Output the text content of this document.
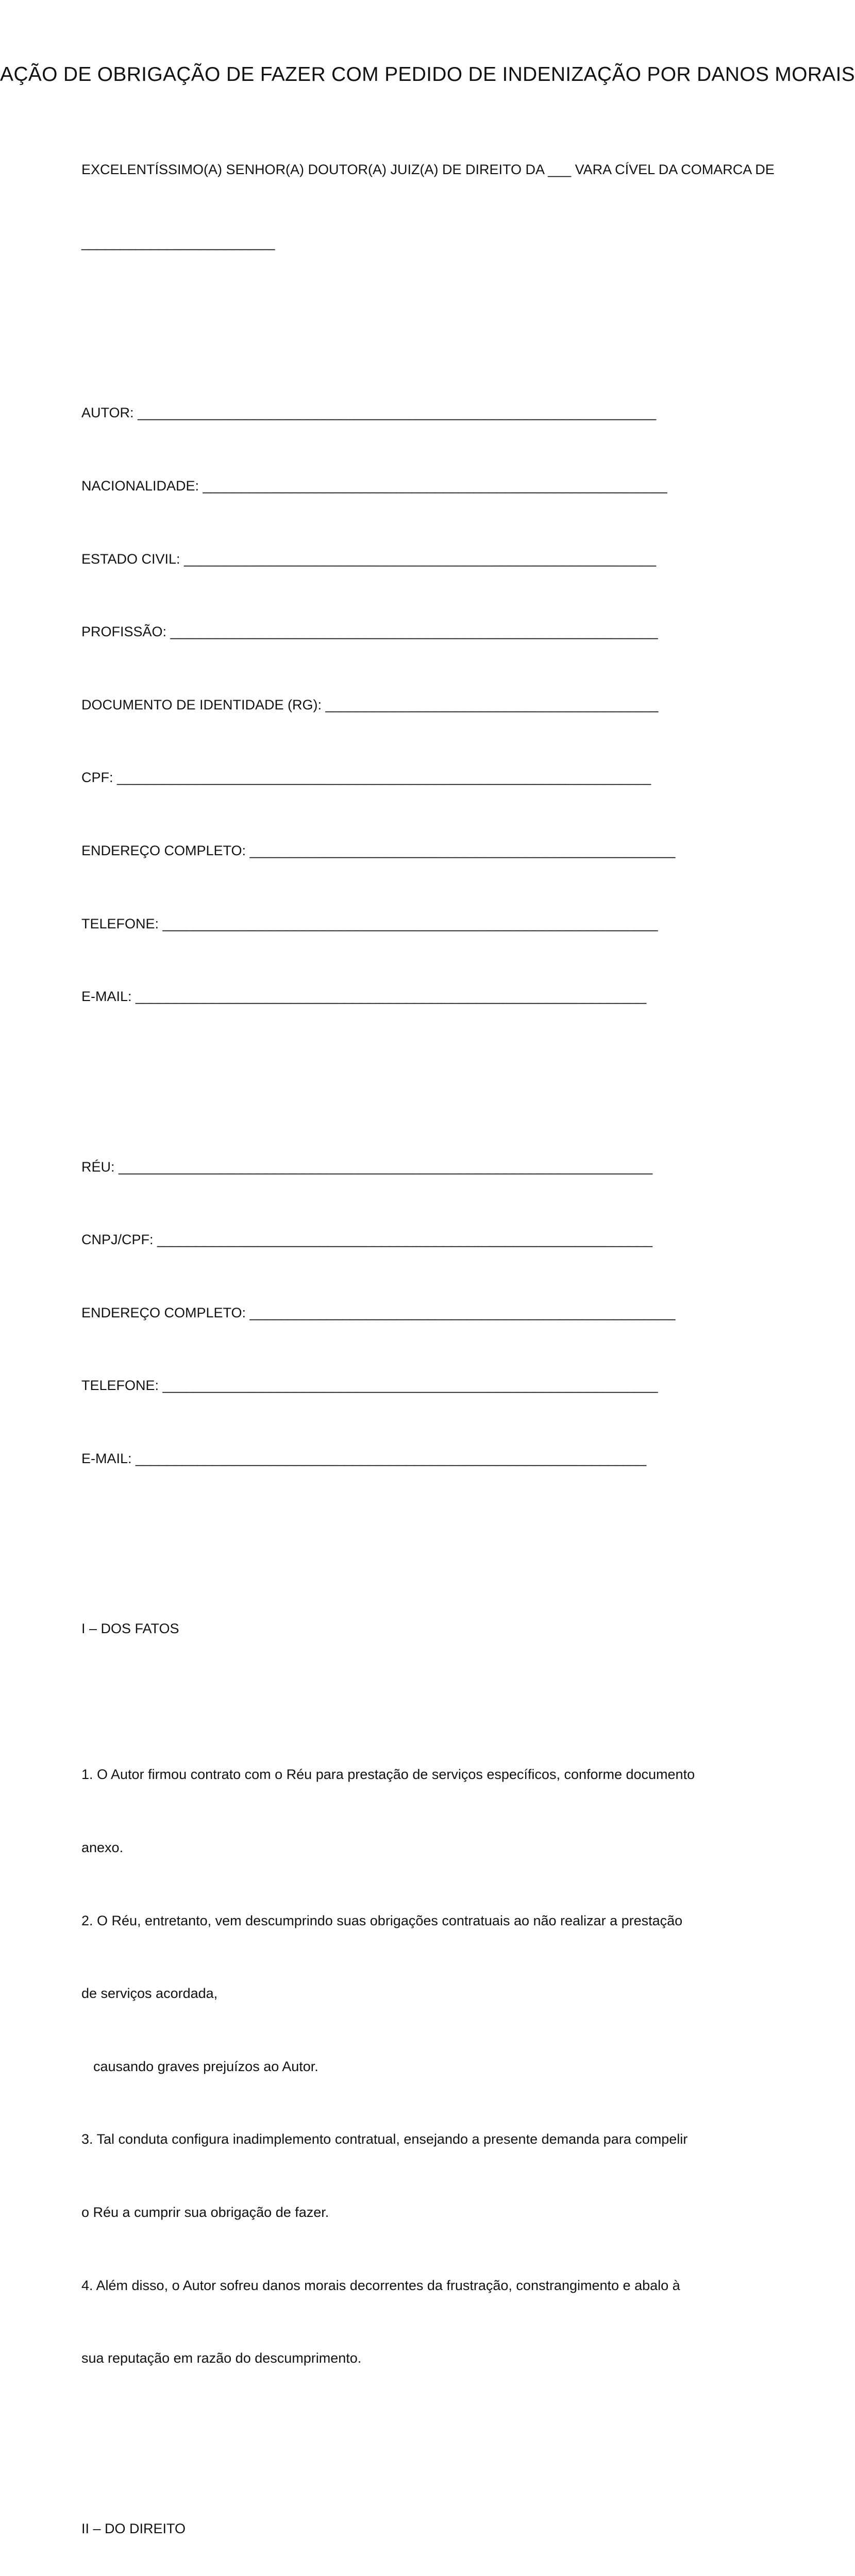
AÇÃO DE OBRIGAÇÃO DE FAZER COM PEDIDO DE INDENIZAÇÃO POR DANOS MORAIS

EXCELENTÍSSIMO(A) SENHOR(A) DOUTOR(A) JUIZ(A) DE DIREITO DA ___ VARA CÍVEL DA COMARCA DE

_________________________

AUTOR: ___________________________________________________________________

NACIONALIDADE: ____________________________________________________________

ESTADO CIVIL: _____________________________________________________________

PROFISSÃO: _______________________________________________________________

DOCUMENTO DE IDENTIDADE (RG): ___________________________________________

CPF: _____________________________________________________________________

ENDEREÇO COMPLETO: _______________________________________________________

TELEFONE: ________________________________________________________________

E-MAIL: __________________________________________________________________

RÉU: _____________________________________________________________________

CNPJ/CPF: ________________________________________________________________

ENDEREÇO COMPLETO: _______________________________________________________

TELEFONE: ________________________________________________________________

E-MAIL: __________________________________________________________________

I – DOS FATOS

1. O Autor firmou contrato com o Réu para prestação de serviços específicos, conforme documento

anexo.

2. O Réu, entretanto, vem descumprindo suas obrigações contratuais ao não realizar a prestação

de serviços acordada,

causando graves prejuízos ao Autor.

3. Tal conduta configura inadimplemento contratual, ensejando a presente demanda para compelir

o Réu a cumprir sua obrigação de fazer.

4. Além disso, o Autor sofreu danos morais decorrentes da frustração, constrangimento e abalo à

sua reputação em razão do descumprimento.

II – DO DIREITO
